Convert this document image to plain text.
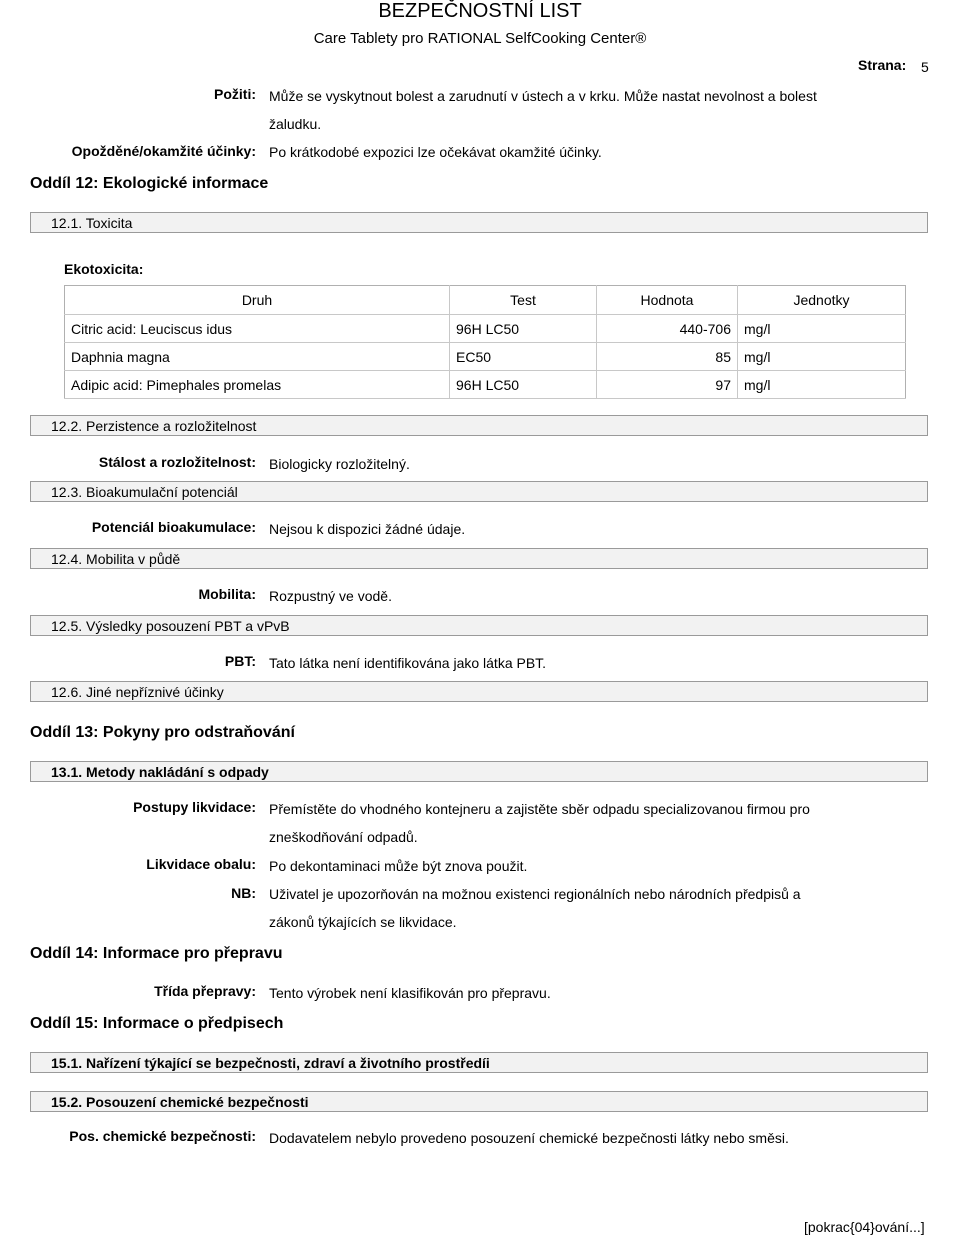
BEZPEČNOSTNÍ LIST
Care Tablety pro RATIONAL SelfCooking Center®
Strana: 5
Požiti: Může se vyskytnout bolest a zarudnutí v ústech a v krku. Může nastat nevolnost a bolest
žaludku.
Opožděné/okamžité účinky: Po krátkodobé expozici lze očekávat okamžité účinky.
Oddíl 12: Ekologické informace
12.1. Toxicita
Ekotoxicita:
Druh	Test	Hodnota	Jednotky
Citric acid: Leuciscus idus	96H LC50	440-706	mg/l
Daphnia magna	EC50	85	mg/l
Adipic acid: Pimephales promelas	96H LC50	97	mg/l
12.2. Perzistence a rozložitelnost
Stálost a rozložitelnost: Biologicky rozložitelný.
12.3. Bioakumulační potenciál
Potenciál bioakumulace: Nejsou k dispozici žádné údaje.
12.4. Mobilita v půdě
Mobilita: Rozpustný ve vodě.
12.5. Výsledky posouzení PBT a vPvB
PBT: Tato látka není identifikována jako látka PBT.
12.6. Jiné nepříznivé účinky
Oddíl 13: Pokyny pro odstraňování
13.1. Metody nakládání s odpady
Postupy likvidace: Přemístěte do vhodného kontejneru a zajistěte sběr odpadu specializovanou firmou pro
zneškodňování odpadů.
Likvidace obalu: Po dekontaminaci může být znova použit.
NB: Uživatel je upozorňován na možnou existenci regionálních nebo národních předpisů a
zákonů týkajících se likvidace.
Oddíl 14: Informace pro přepravu
Třída přepravy: Tento výrobek není klasifikován pro přepravu.
Oddíl 15: Informace o předpisech
15.1. Nařízení týkající se bezpečnosti, zdraví a životního prostředíi
15.2. Posouzení chemické bezpečnosti
Pos. chemické bezpečnosti: Dodavatelem nebylo provedeno posouzení chemické bezpečnosti látky nebo směsi.
[pokrac{04}ování...]
